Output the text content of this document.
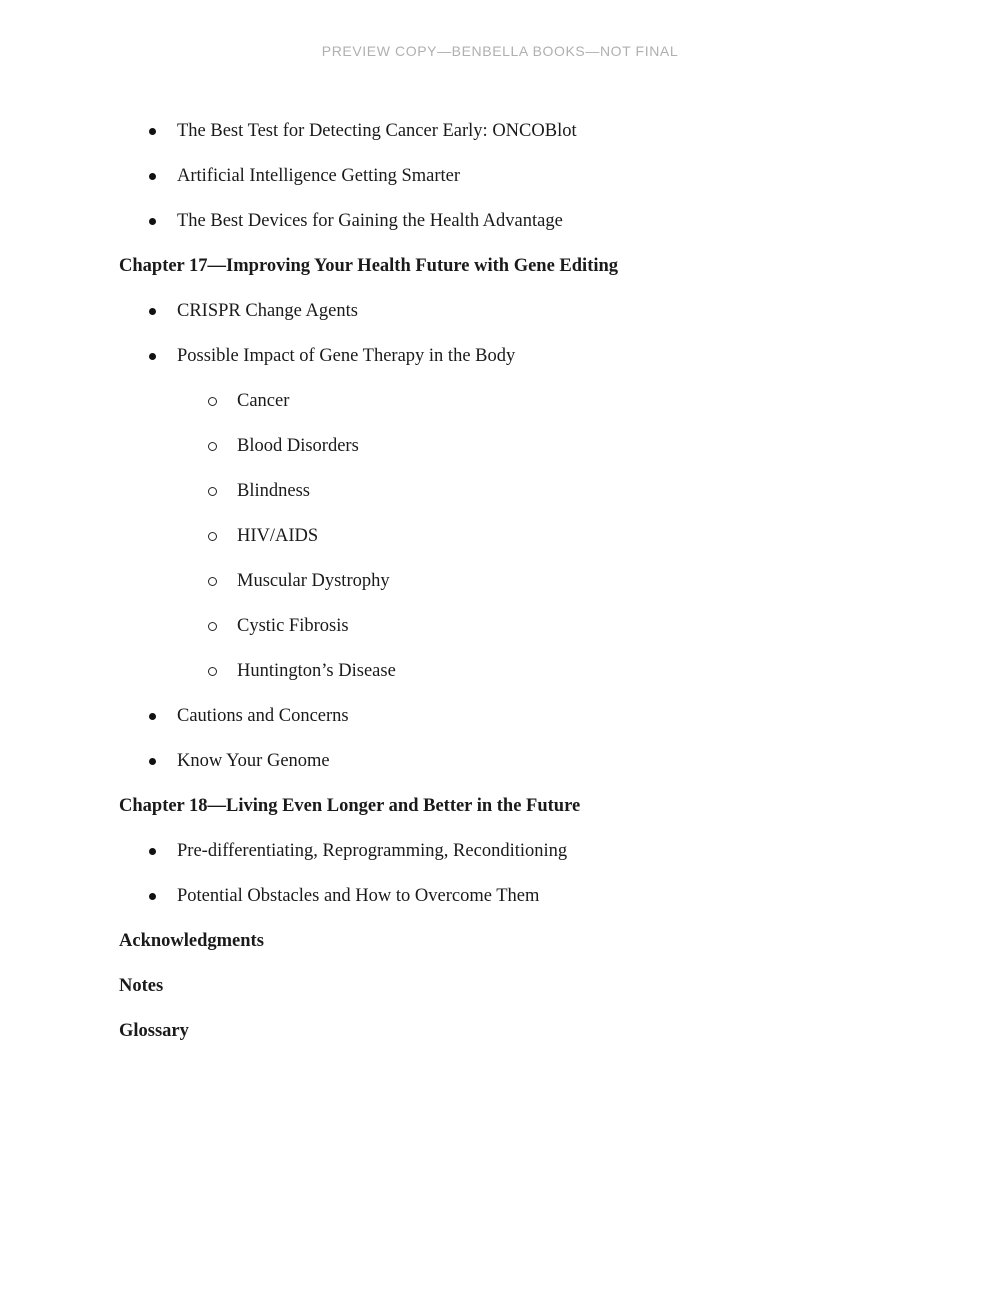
PREVIEW COPY—BENBELLA BOOKS—NOT FINAL
The Best Test for Detecting Cancer Early: ONCOBlot
Artificial Intelligence Getting Smarter
The Best Devices for Gaining the Health Advantage
Chapter 17—Improving Your Health Future with Gene Editing
CRISPR Change Agents
Possible Impact of Gene Therapy in the Body
Cancer
Blood Disorders
Blindness
HIV/AIDS
Muscular Dystrophy
Cystic Fibrosis
Huntington’s Disease
Cautions and Concerns
Know Your Genome
Chapter 18—Living Even Longer and Better in the Future
Pre-differentiating, Reprogramming, Reconditioning
Potential Obstacles and How to Overcome Them
Acknowledgments
Notes
Glossary
